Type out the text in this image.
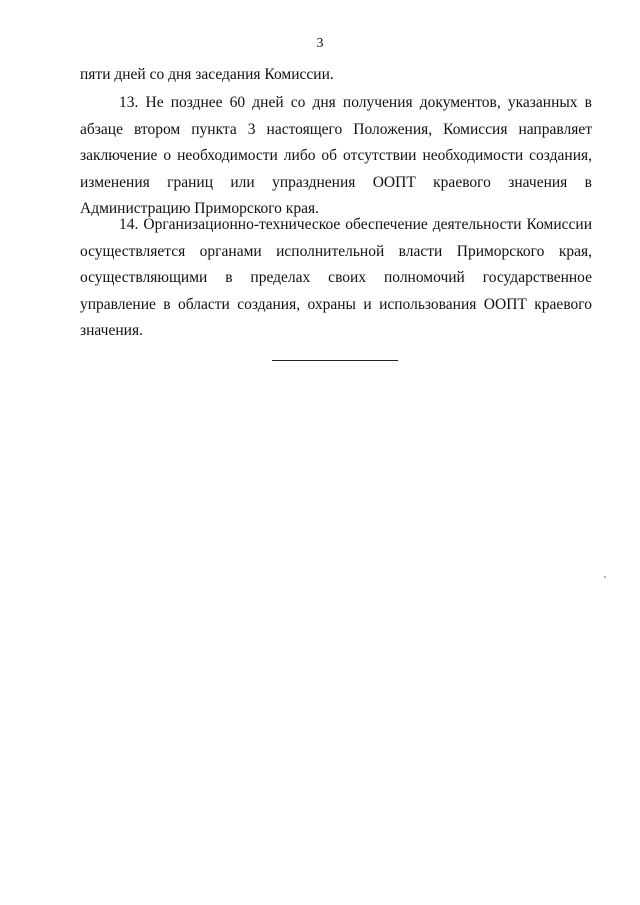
3

пяти дней со дня заседания Комиссии.

13. Не позднее 60 дней со дня получения документов, указанных в абзаце втором пункта 3 настоящего Положения, Комиссия направляет заключение о необходимости либо об отсутствии необходимости создания, изменения границ или упразднения ООПТ краевого значения в Администрацию Приморского края.

14. Организационно-техническое обеспечение деятельности Комиссии осуществляется органами исполнительной власти Приморского края, осуществляющими в пределах своих полномочий государственное управление в области создания, охраны и использования ООПТ краевого значения.
